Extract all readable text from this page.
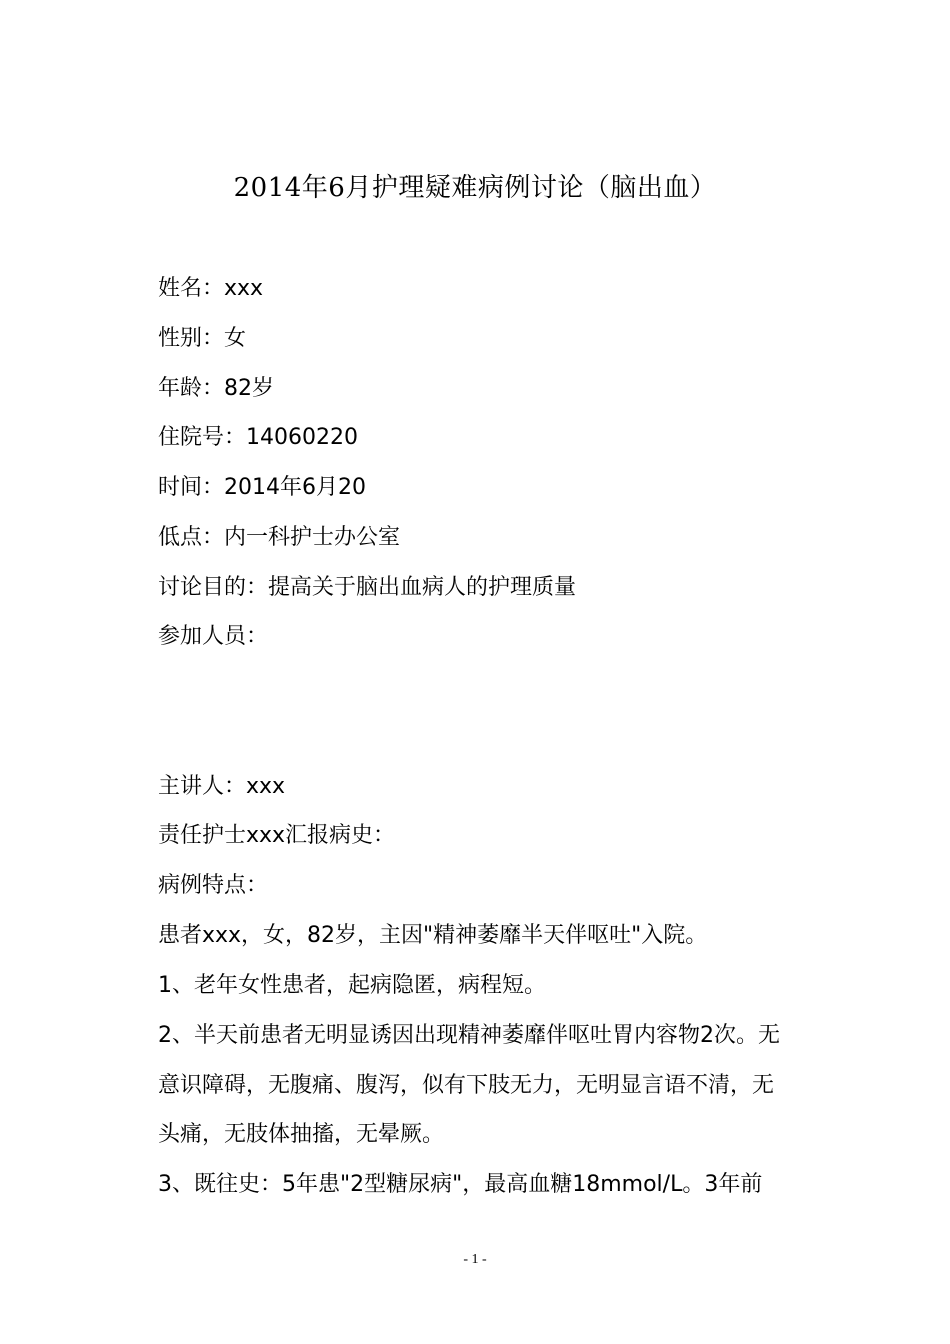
2014年6月护理疑难病例讨论（脑出血）
姓名：xxx
性别：女
年龄：82岁
住院号：14060220
时间：2014年6月20
低点：内一科护士办公室
讨论目的：提高关于脑出血病人的护理质量
参加人员：
主讲人：xxx
责任护士xxx汇报病史：
病例特点：
患者xxx，女，82岁，主因"精神萎靡半天伴呕吐"入院。
1、老年女性患者，起病隐匿，病程短。
2、半天前患者无明显诱因出现精神萎靡伴呕吐胃内容物2次。无
意识障碍，无腹痛、腹泻，似有下肢无力，无明显言语不清，无
头痛，无肢体抽搐，无晕厥。
3、既往史：5年患"2型糖尿病"，最高血糖18mmol/L。3年前
- 1 -
